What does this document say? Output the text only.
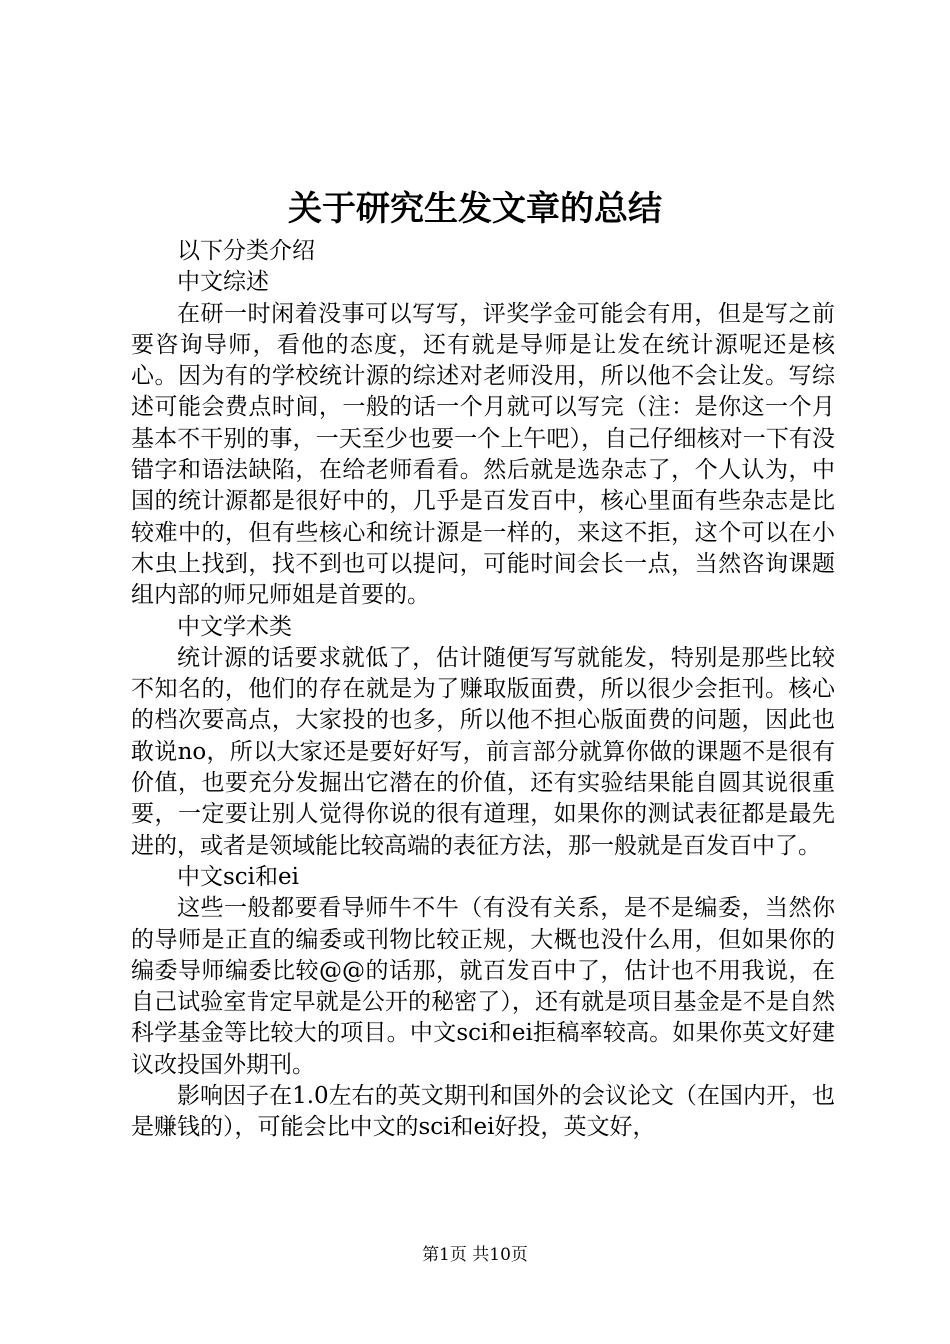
关于研究生发文章的总结

以下分类介绍

中文综述

在研一时闲着没事可以写写，评奖学金可能会有用，但是写之前要咨询导师，看他的态度，还有就是导师是让发在统计源呢还是核心。因为有的学校统计源的综述对老师没用，所以他不会让发。写综述可能会费点时间，一般的话一个月就可以写完（注：是你这一个月基本不干别的事，一天至少也要一个上午吧），自己仔细核对一下有没错字和语法缺陷，在给老师看看。然后就是选杂志了，个人认为，中国的统计源都是很好中的，几乎是百发百中，核心里面有些杂志是比较难中的，但有些核心和统计源是一样的，来这不拒，这个可以在小木虫上找到，找不到也可以提问，可能时间会长一点，当然咨询课题组内部的师兄师姐是首要的。

中文学术类

统计源的话要求就低了，估计随便写写就能发，特别是那些比较不知名的，他们的存在就是为了赚取版面费，所以很少会拒刊。核心的档次要高点，大家投的也多，所以他不担心版面费的问题，因此也敢说no，所以大家还是要好好写，前言部分就算你做的课题不是很有价值，也要充分发掘出它潜在的价值，还有实验结果能自圆其说很重要，一定要让别人觉得你说的很有道理，如果你的测试表征都是最先进的，或者是领域能比较高端的表征方法，那一般就是百发百中了。

中文sci和ei

这些一般都要看导师牛不牛（有没有关系，是不是编委，当然你的导师是正直的编委或刊物比较正规，大概也没什么用，但如果你的编委导师编委比较@@的话那，就百发百中了，估计也不用我说，在自己试验室肯定早就是公开的秘密了），还有就是项目基金是不是自然科学基金等比较大的项目。中文sci和ei拒稿率较高。如果你英文好建议改投国外期刊。

影响因子在1.0左右的英文期刊和国外的会议论文（在国内开，也是赚钱的），可能会比中文的sci和ei好投，英文好，

第1页 共10页
